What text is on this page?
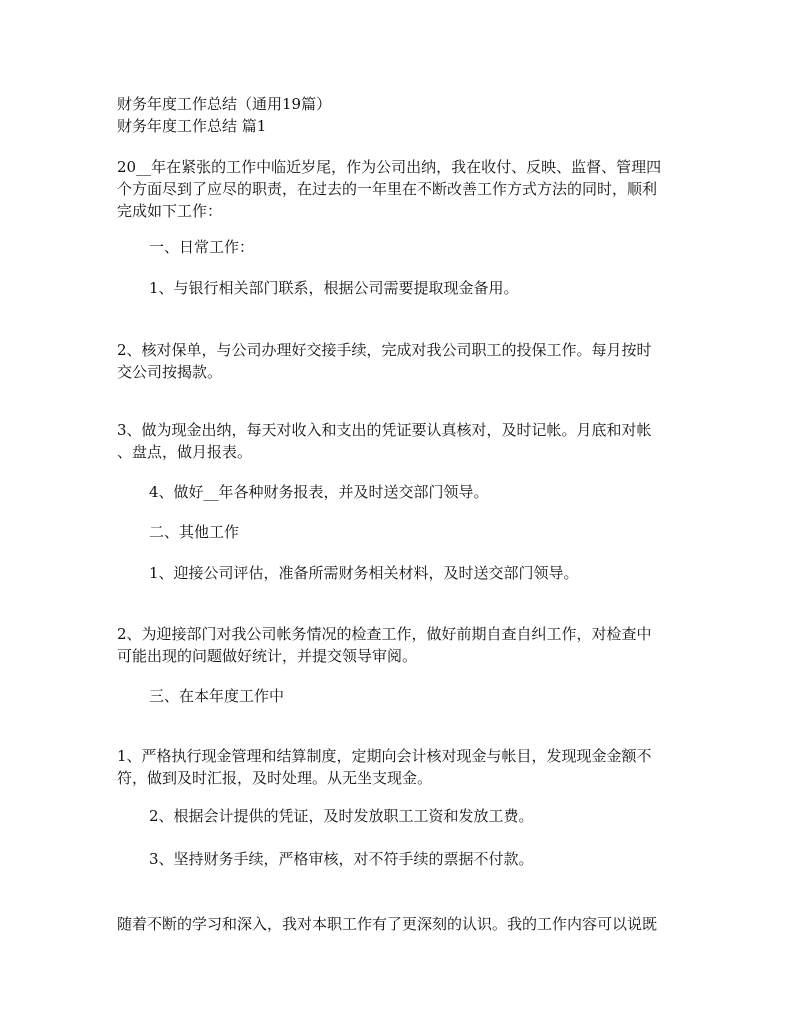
财务年度工作总结（通用19篇）
财务年度工作总结 篇1
20__年在紧张的工作中临近岁尾，作为公司出纳，我在收付、反映、监督、管理四
个方面尽到了应尽的职责，在过去的一年里在不断改善工作方式方法的同时，顺利
完成如下工作：
一、日常工作：
1、与银行相关部门联系，根据公司需要提取现金备用。
2、核对保单，与公司办理好交接手续，完成对我公司职工的投保工作。每月按时
交公司按揭款。
3、做为现金出纳，每天对收入和支出的凭证要认真核对，及时记帐。月底和对帐
、盘点，做月报表。
4、做好__年各种财务报表，并及时送交部门领导。
二、其他工作
1、迎接公司评估，准备所需财务相关材料，及时送交部门领导。
2、为迎接部门对我公司帐务情况的检查工作，做好前期自查自纠工作，对检查中
可能出现的问题做好统计，并提交领导审阅。
三、在本年度工作中
1、严格执行现金管理和结算制度，定期向会计核对现金与帐目，发现现金金额不
符，做到及时汇报，及时处理。从无坐支现金。
2、根据会计提供的凭证，及时发放职工工资和发放工费。
3、坚持财务手续，严格审核，对不符手续的票据不付款。
随着不断的学习和深入，我对本职工作有了更深刻的认识。我的工作内容可以说既
